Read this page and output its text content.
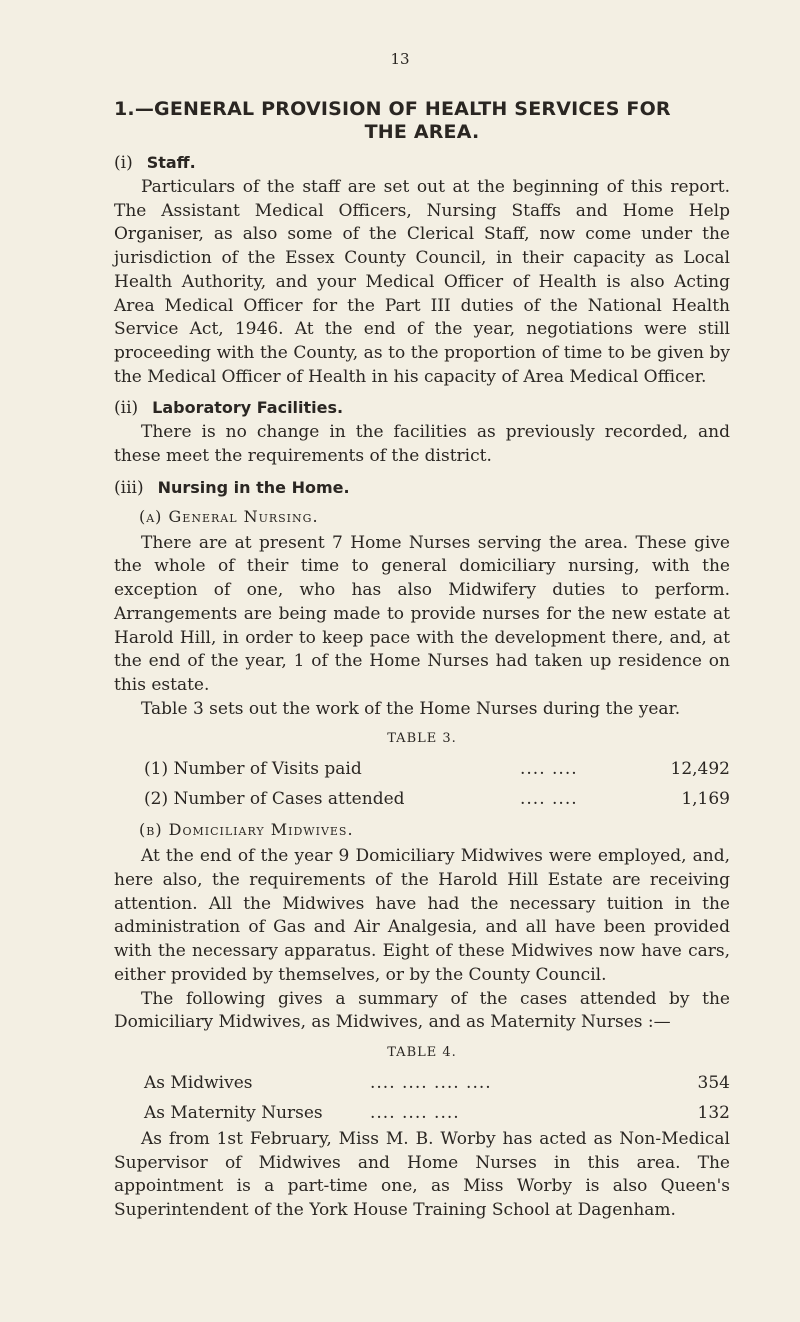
13
1.—GENERAL PROVISION OF HEALTH SERVICES FOR
THE AREA.
(i) Staff.

Particulars of the staff are set out at the beginning of this report. The Assistant Medical Officers, Nursing Staffs and Home Help Organiser, as also some of the Clerical Staff, now come under the jurisdiction of the Essex County Council, in their capacity as Local Health Authority, and your Medical Officer of Health is also Acting Area Medical Officer for the Part III duties of the National Health Service Act, 1946. At the end of the year, negotiations were still proceeding with the County, as to the proportion of time to be given by the Medical Officer of Health in his capacity of Area Medical Officer.

(ii) Laboratory Facilities.

There is no change in the facilities as previously recorded, and these meet the requirements of the district.

(iii) Nursing in the Home.
(a) General Nursing.

There are at present 7 Home Nurses serving the area. These give the whole of their time to general domiciliary nursing, with the exception of one, who has also Midwifery duties to perform. Arrangements are being made to provide nurses for the new estate at Harold Hill, in order to keep pace with the development there, and, at the end of the year, 1 of the Home Nurses had taken up residence on this estate.

Table 3 sets out the work of the Home Nurses during the year.

TABLE 3.
(1) Number of Visits paid	.... ....	12,492
(2) Number of Cases attended	.... ....	1,169
(b) Domiciliary Midwives.

At the end of the year 9 Domiciliary Midwives were employed, and, here also, the requirements of the Harold Hill Estate are receiving attention. All the Midwives have had the necessary tuition in the administration of Gas and Air Analgesia, and all have been provided with the necessary apparatus. Eight of these Midwives now have cars, either provided by themselves, or by the County Council.

The following gives a summary of the cases attended by the Domiciliary Midwives, as Midwives, and as Maternity Nurses :—

TABLE 4.
As Midwives	.... .... .... ....	354
As Maternity Nurses	.... .... ....	132

As from 1st February, Miss M. B. Worby has acted as Non-Medical Supervisor of Midwives and Home Nurses in this area. The appointment is a part-time one, as Miss Worby is also Queen's Superintendent of the York House Training School at Dagenham.
